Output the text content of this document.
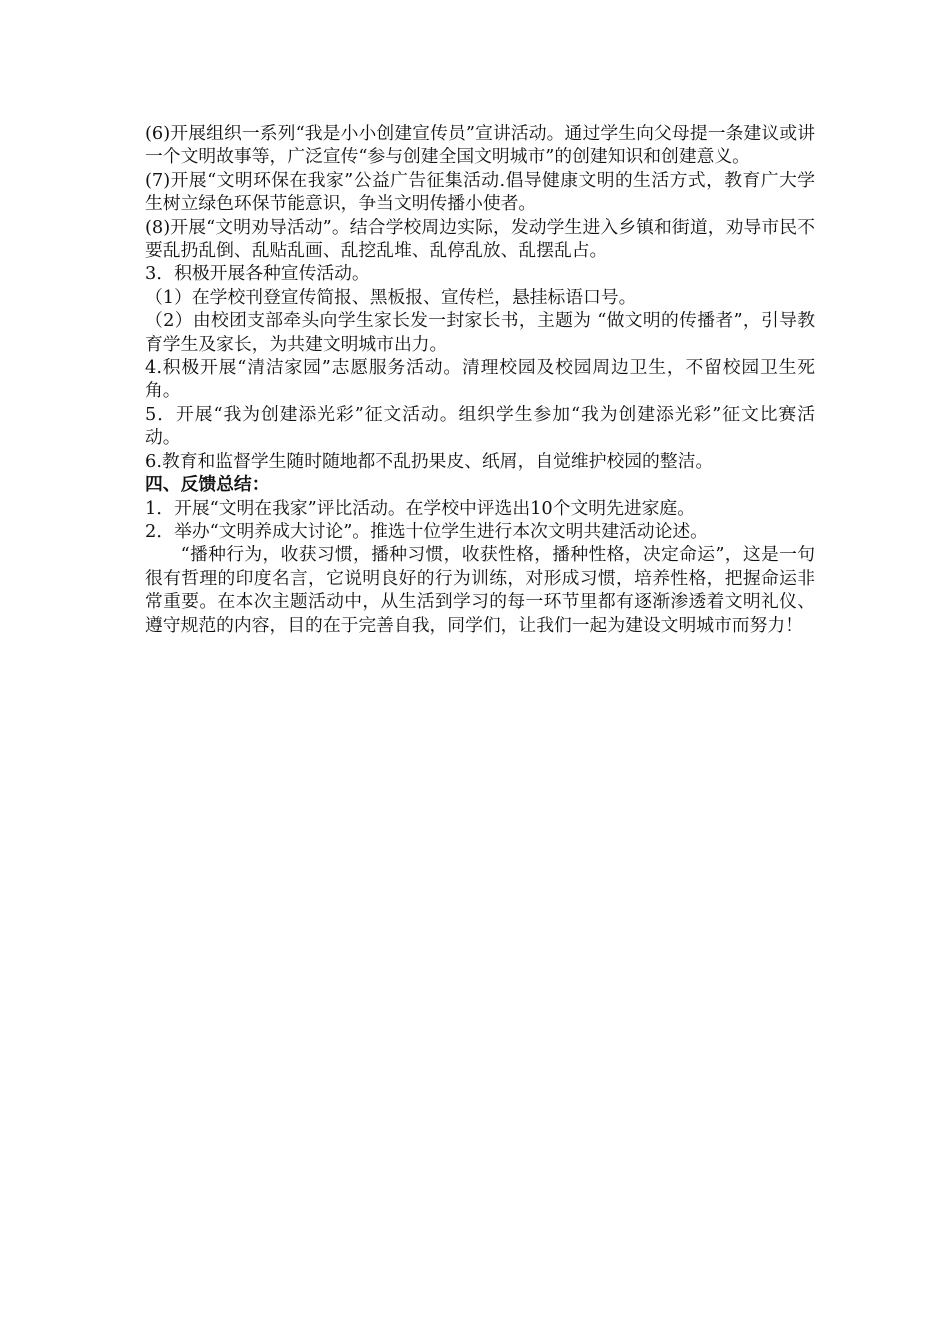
(6)开展组织一系列“我是小小创建宣传员”宣讲活动。通过学生向父母提一条建议或讲一个文明故事等，广泛宣传“参与创建全国文明城市”的创建知识和创建意义。

(7)开展“文明环保在我家”公益广告征集活动.倡导健康文明的生活方式，教育广大学生树立绿色环保节能意识，争当文明传播小使者。

(8)开展“文明劝导活动”。结合学校周边实际，发动学生进入乡镇和街道，劝导市民不要乱扔乱倒、乱贴乱画、乱挖乱堆、乱停乱放、乱摆乱占。

3．积极开展各种宣传活动。

（1）在学校刊登宣传简报、黑板报、宣传栏，悬挂标语口号。

（2）由校团支部牵头向学生家长发一封家长书，主题为 “做文明的传播者”，引导教育学生及家长，为共建文明城市出力。

4.积极开展“清洁家园”志愿服务活动。清理校园及校园周边卫生，不留校园卫生死角。

5．开展“我为创建添光彩”征文活动。组织学生参加“我为创建添光彩”征文比赛活动。

6.教育和监督学生随时随地都不乱扔果皮、纸屑，自觉维护校园的整洁。

四、反馈总结：

1．开展“文明在我家”评比活动。在学校中评选出10个文明先进家庭。

2．举办“文明养成大讨论”。推选十位学生进行本次文明共建活动论述。

“播种行为，收获习惯，播种习惯，收获性格，播种性格，决定命运”，这是一句很有哲理的印度名言，它说明良好的行为训练，对形成习惯，培养性格，把握命运非常重要。在本次主题活动中，从生活到学习的每一环节里都有逐渐渗透着文明礼仪、遵守规范的内容，目的在于完善自我，同学们，让我们一起为建设文明城市而努力！
